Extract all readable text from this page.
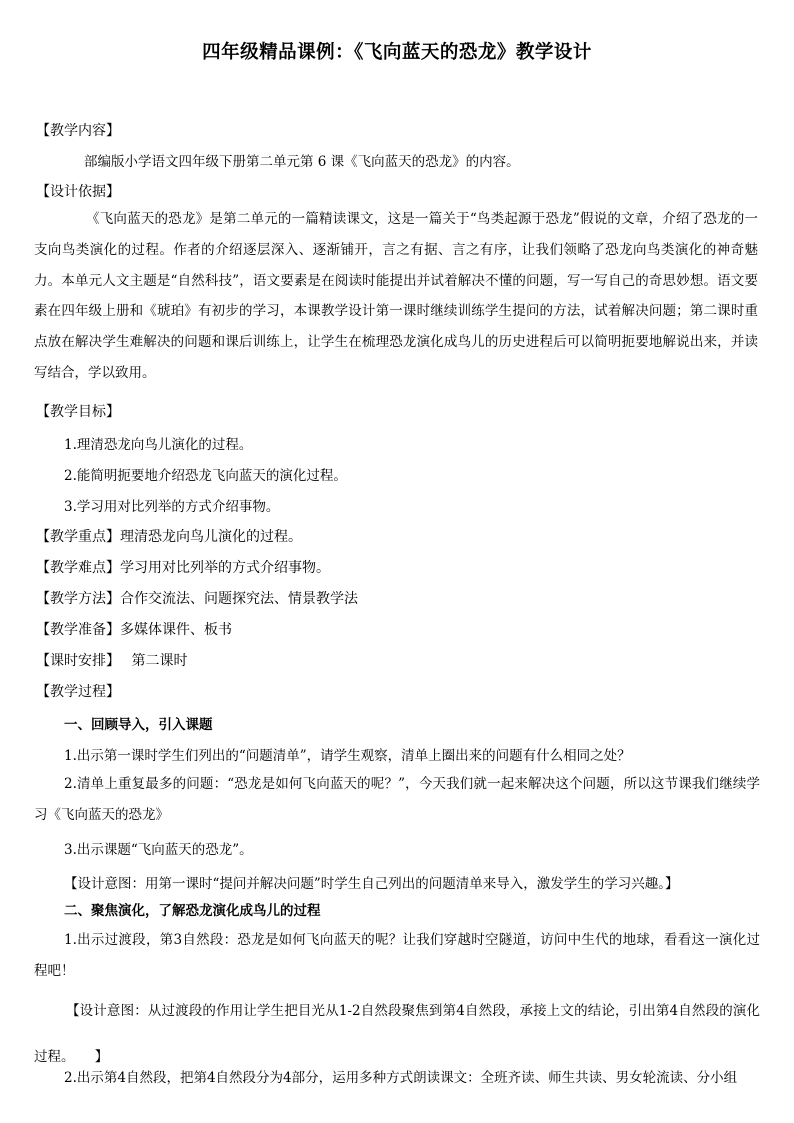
四年级精品课例：《飞向蓝天的恐龙》教学设计
【教学内容】
部编版小学语文四年级下册第二单元第 6 课《飞向蓝天的恐龙》的内容。
【设计依据】
《飞向蓝天的恐龙》是第二单元的一篇精读课文，这是一篇关于“鸟类起源于恐龙”假说的文章，介绍了恐龙的一支向鸟类演化的过程。作者的介绍逐层深入、逐渐铺开，言之有据、言之有序，让我们领略了恐龙向鸟类演化的神奇魅力。本单元人文主题是“自然科技”，语文要素是在阅读时能提出并试着解决不懂的问题，写一写自己的奇思妙想。语文要素在四年级上册和《琥珀》有初步的学习，本课教学设计第一课时继续训练学生提问的方法，试着解决问题；第二课时重点放在解决学生难解决的问题和课后训练上，让学生在梳理恐龙演化成鸟儿的历史进程后可以简明扼要地解说出来，并读写结合，学以致用。
【教学目标】
1.理清恐龙向鸟儿演化的过程。
2.能简明扼要地介绍恐龙飞向蓝天的演化过程。
3.学习用对比列举的方式介绍事物。
【教学重点】理清恐龙向鸟儿演化的过程。
【教学难点】学习用对比列举的方式介绍事物。
【教学方法】合作交流法、问题探究法、情景教学法
【教学准备】多媒体课件、板书
【课时安排】　 第二课时
【教学过程】
一、回顾导入，引入课题
1.出示第一课时学生们列出的“问题清单”，请学生观察，清单上圈出来的问题有什么相同之处？
2.清单上重复最多的问题：“恐龙是如何飞向蓝天的呢？”，今天我们就一起来解决这个问题，所以这节课我们继续学习《飞向蓝天的恐龙》
3.出示课题“飞向蓝天的恐龙”。
【设计意图：用第一课时“提问并解决问题”时学生自己列出的问题清单来导入，激发学生的学习兴趣。】
二、聚焦演化，了解恐龙演化成鸟儿的过程
1.出示过渡段，第3自然段：恐龙是如何飞向蓝天的呢？让我们穿越时空隧道，访问中生代的地球，看看这一演化过程吧！
【设计意图：从过渡段的作用让学生把目光从1-2自然段聚焦到第4自然段，承接上文的结论，引出第4自然段的演化过程。　　】
2.出示第4自然段，把第4自然段分为4部分，运用多种方式朗读课文：全班齐读、师生共读、男女轮流读、分小组
